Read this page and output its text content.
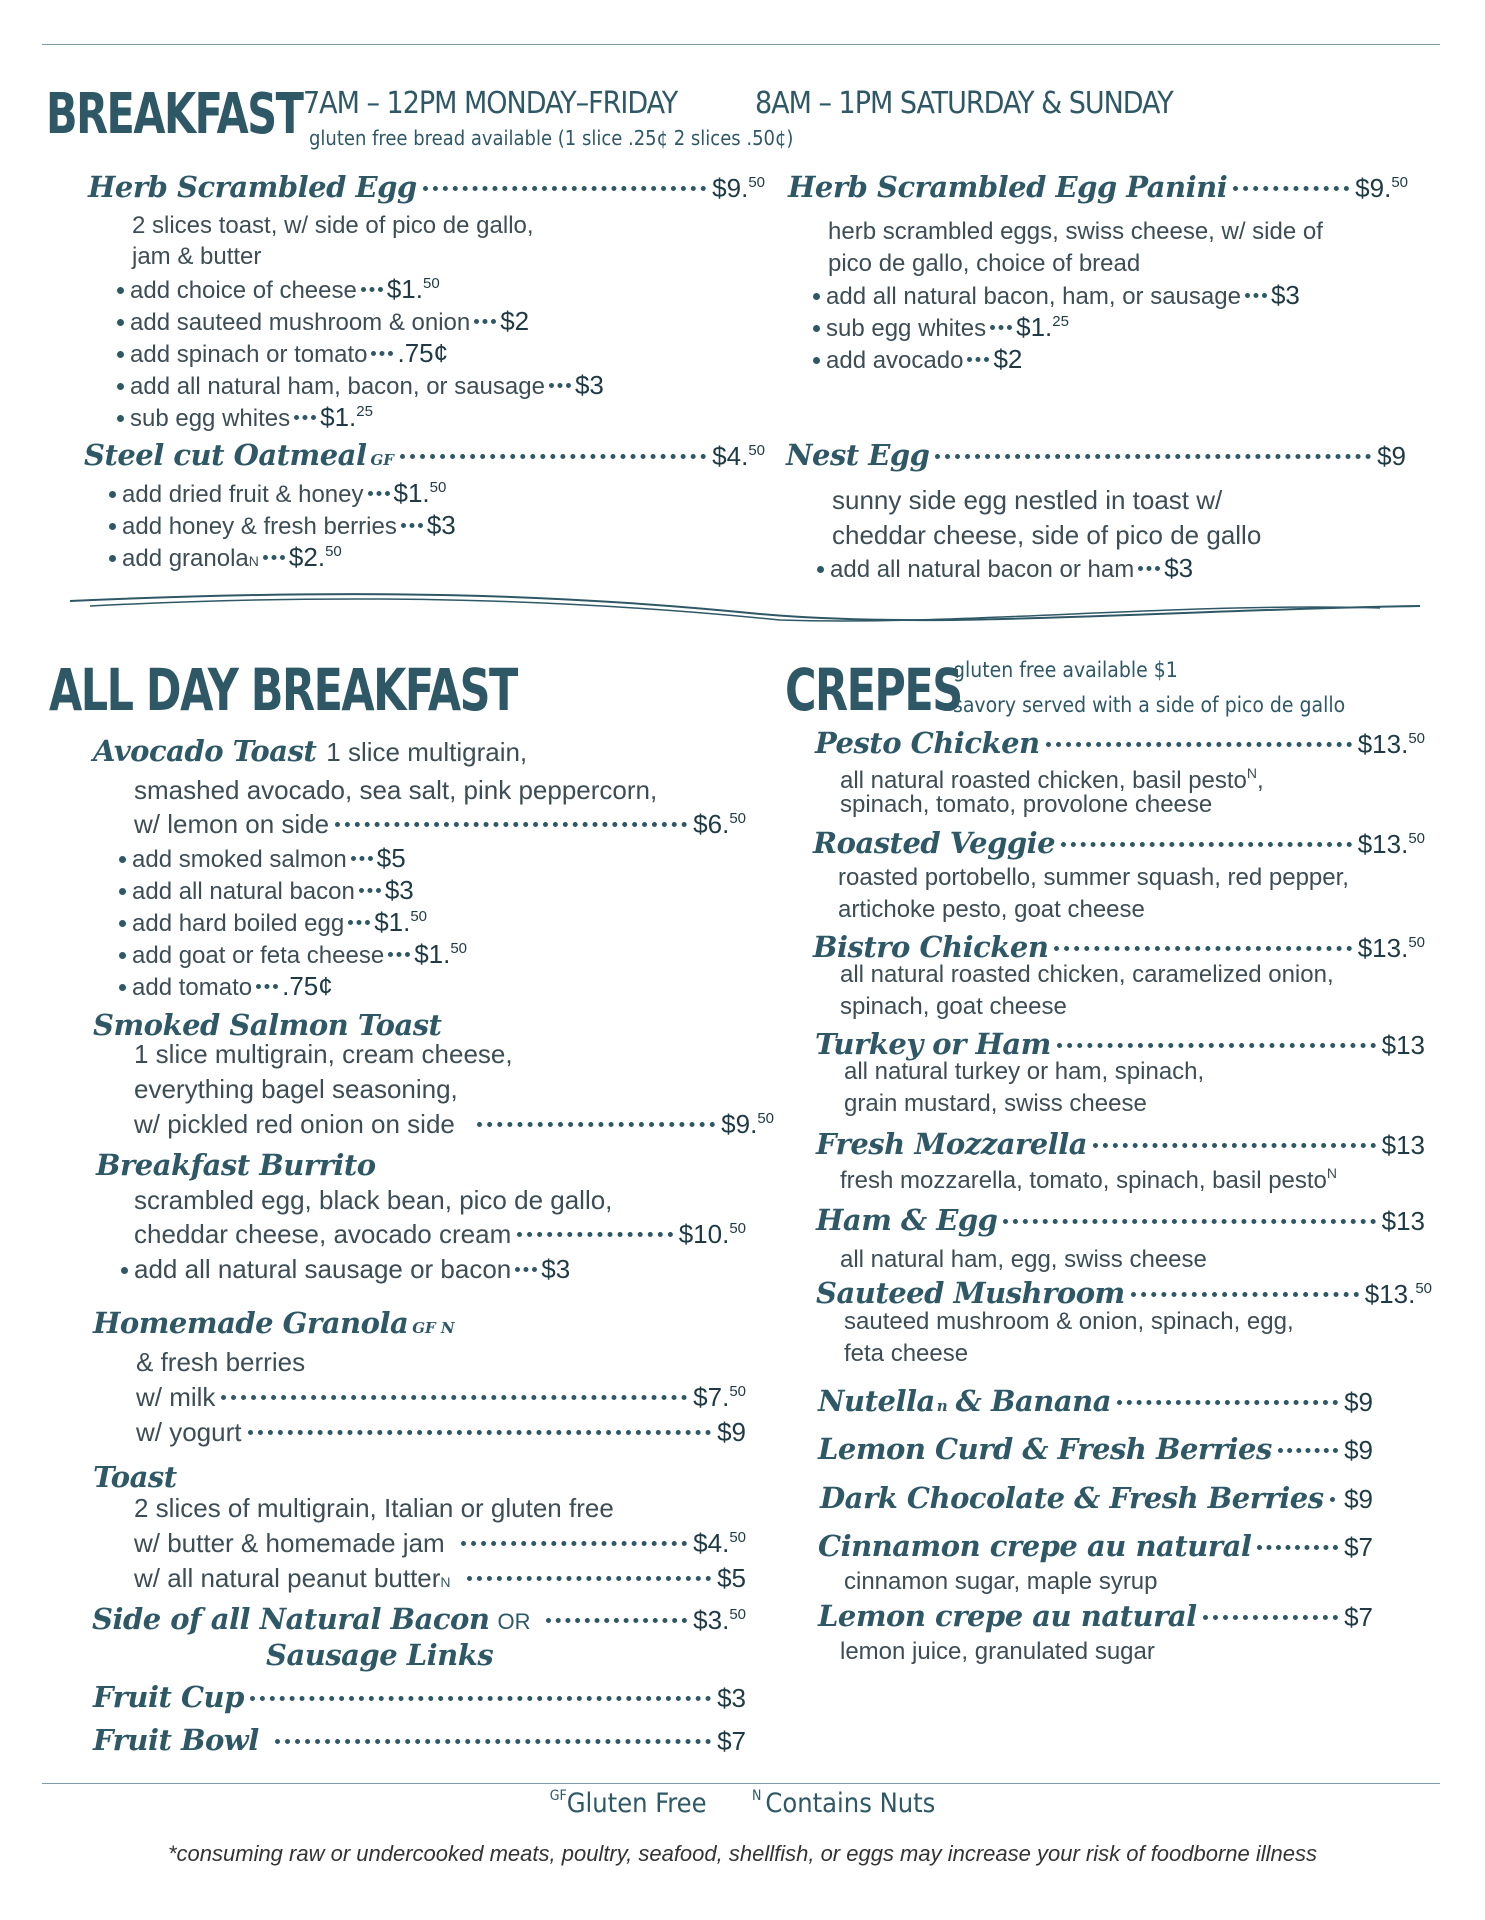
BREAKFAST 7AM – 12PM MONDAY–FRIDAY	8AM – 1PM SATURDAY & SUNDAY
gluten free bread available (1 slice .25¢ 2 slices .50¢)
Herb Scrambled Egg	$9.50
2 slices toast, w/ side of pico de gallo,
jam & butter
add choice of cheese $1.50
add sauteed mushroom & onion $2
add spinach or tomato .75¢
add all natural ham, bacon, or sausage $3
sub egg whites $1.25
Steel cut Oatmeal GF	$4.50
add dried fruit & honey $1.50
add honey & fresh berries $3
add granola N $2.50
Herb Scrambled Egg Panini	$9.50
herb scrambled eggs, swiss cheese, w/ side of
pico de gallo, choice of bread
add all natural bacon, ham, or sausage $3
sub egg whites $1.25
add avocado $2
Nest Egg	$9
sunny side egg nestled in toast w/
cheddar cheese, side of pico de gallo
add all natural bacon or ham $3
ALL DAY BREAKFAST
Avocado Toast 1 slice multigrain,
smashed avocado, sea salt, pink peppercorn,
w/ lemon on side	$6.50
add smoked salmon $5
add all natural bacon $3
add hard boiled egg $1.50
add goat or feta cheese $1.50
add tomato .75¢
Smoked Salmon Toast
1 slice multigrain, cream cheese,
everything bagel seasoning,
w/ pickled red onion on side	$9.50
Breakfast Burrito
scrambled egg, black bean, pico de gallo,
cheddar cheese, avocado cream	$10.50
add all natural sausage or bacon $3
Homemade Granola GF N
& fresh berries
w/ milk	$7.50
w/ yogurt	$9
Toast
2 slices of multigrain, Italian or gluten free
w/ butter & homemade jam	$4.50
w/ all natural peanut butter N	$5
Side of all Natural Bacon OR	$3.50
Sausage Links
Fruit Cup	$3
Fruit Bowl	$7
CREPES
gluten free available $1
savory served with a side of pico de gallo
Pesto Chicken	$13.50
all natural roasted chicken, basil pesto$^N$,
spinach, tomato, provolone cheese
Roasted Veggie	$13.50
roasted portobello, summer squash, red pepper,
artichoke pesto, goat cheese
Bistro Chicken	$13.50
all natural roasted chicken, caramelized onion,
spinach, goat cheese
Turkey or Ham	$13
all natural turkey or ham, spinach,
grain mustard, swiss cheese
Fresh Mozzarella	$13
fresh mozzarella, tomato, spinach, basil pesto$^N$
Ham & Egg	$13
all natural ham, egg, swiss cheese
Sauteed Mushroom	$13.50
sauteed mushroom & onion, spinach, egg,
feta cheese
Nutella n & Banana	$9
Lemon Curd & Fresh Berries	$9
Dark Chocolate & Fresh Berries $9
Cinnamon crepe au natural	$7
cinnamon sugar, maple syrup
Lemon crepe au natural	$7
lemon juice, granulated sugar
$^{GF}$Gluten Free	$^N$ Contains Nuts
*consuming raw or undercooked meats, poultry, seafood, shellfish, or eggs may increase your risk of foodborne illness
